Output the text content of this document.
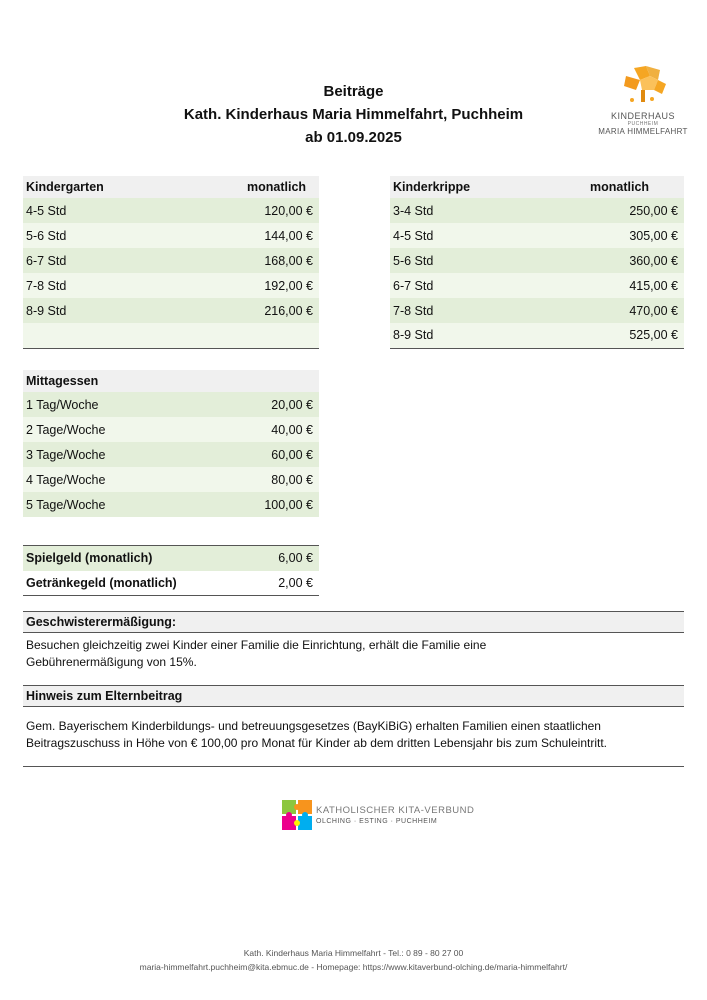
Beiträge
Kath. Kinderhaus Maria Himmelfahrt, Puchheim
ab 01.09.2025
KINDERHAUS
PUCHHEIM
MARIA HIMMELFAHRT
Kindergarten	monatlich
4-5 Std	120,00 €
5-6 Std	144,00 €
6-7 Std	168,00 €
7-8 Std	192,00 €
8-9 Std	216,00 €

Kinderkrippe	monatlich
3-4 Std	250,00 €
4-5 Std	305,00 €
5-6 Std	360,00 €
6-7 Std	415,00 €
7-8 Std	470,00 €
8-9 Std	525,00 €
Mittagessen	
1 Tag/Woche	20,00 €
2 Tage/Woche	40,00 €
3 Tage/Woche	60,00 €
4 Tage/Woche	80,00 €
5 Tage/Woche	100,00 €
Spielgeld (monatlich)	6,00 €
Getränkegeld (monatlich)	2,00 €
Geschwisterermäßigung:
Besuchen gleichzeitig zwei Kinder einer Familie die Einrichtung, erhält die Familie eine Gebührenermäßigung von 15%.
Hinweis zum Elternbeitrag
Gem. Bayerischem Kinderbildungs- und betreuungsgesetzes (BayKiBiG) erhalten Familien einen staatlichen Beitragszuschuss in Höhe von € 100,00 pro Monat für Kinder ab dem dritten Lebensjahr bis zum Schuleintritt.
KATHOLISCHER KITA-VERBUND
OLCHING · ESTING · PUCHHEIM
Kath. Kinderhaus Maria Himmelfahrt - Tel.: 0 89 - 80 27 00
maria-himmelfahrt.puchheim@kita.ebmuc.de - Homepage: https://www.kitaverbund-olching.de/maria-himmelfahrt/
